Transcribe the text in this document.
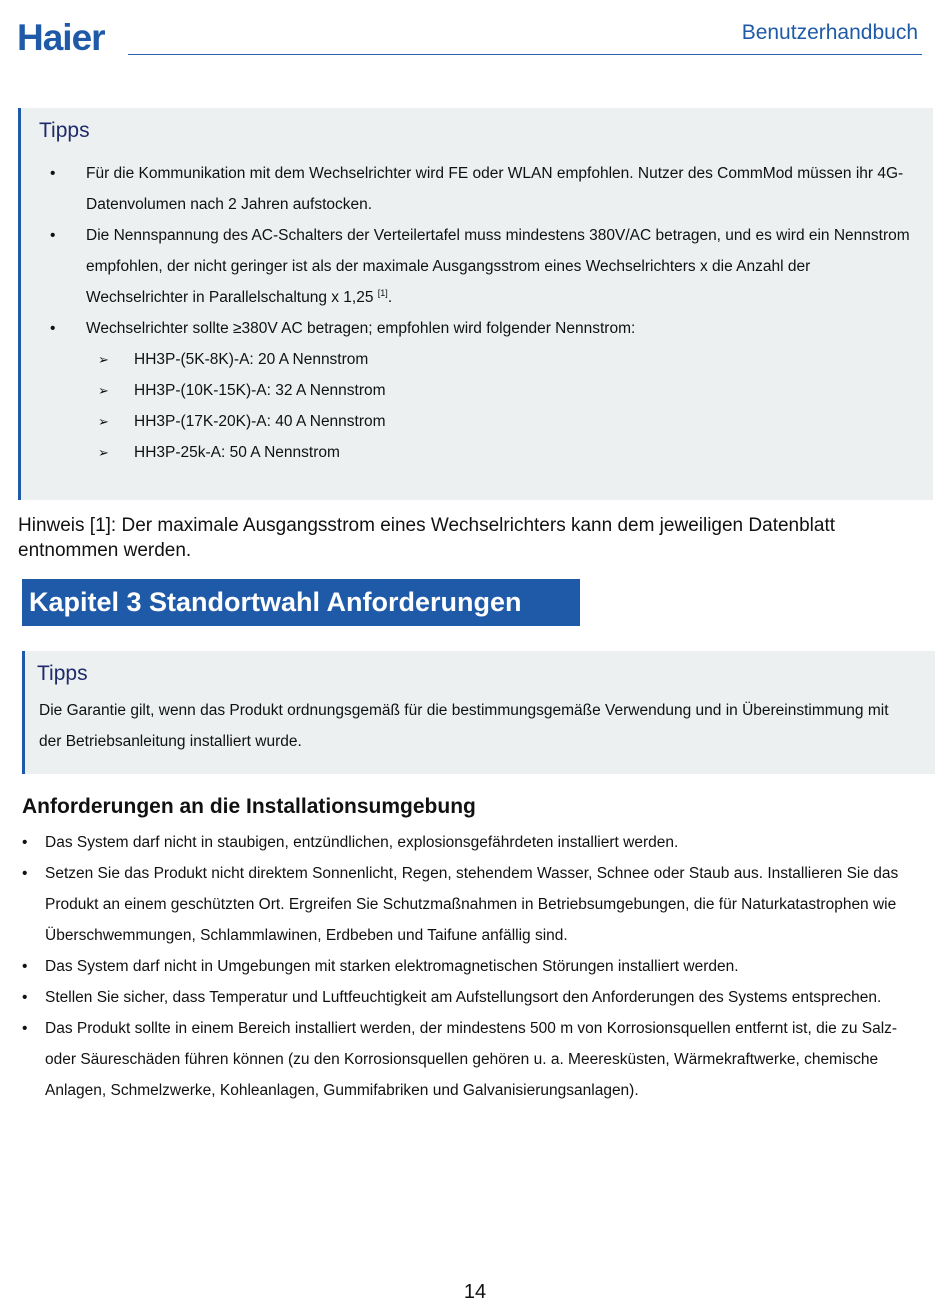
Haier	Benutzerhandbuch
Tipps
• Für die Kommunikation mit dem Wechselrichter wird FE oder WLAN empfohlen. Nutzer des CommMod müssen ihr 4G-Datenvolumen nach 2 Jahren aufstocken.
• Die Nennspannung des AC-Schalters der Verteilertafel muss mindestens 380V/AC betragen, und es wird ein Nennstrom empfohlen, der nicht geringer ist als der maximale Ausgangsstrom eines Wechselrichters x die Anzahl der Wechselrichter in Parallelschaltung x 1,25 [1].
• Wechselrichter sollte ≥380V AC betragen; empfohlen wird folgender Nennstrom:
➢ HH3P-(5K-8K)-A: 20 A Nennstrom
➢ HH3P-(10K-15K)-A: 32 A Nennstrom
➢ HH3P-(17K-20K)-A: 40 A Nennstrom
➢ HH3P-25k-A: 50 A Nennstrom
Hinweis [1]: Der maximale Ausgangsstrom eines Wechselrichters kann dem jeweiligen Datenblatt entnommen werden.
Kapitel 3 Standortwahl Anforderungen
Tipps
Die Garantie gilt, wenn das Produkt ordnungsgemäß für die bestimmungsgemäße Verwendung und in Übereinstimmung mit der Betriebsanleitung installiert wurde.
Anforderungen an die Installationsumgebung
• Das System darf nicht in staubigen, entzündlichen, explosionsgefährdeten installiert werden.
• Setzen Sie das Produkt nicht direktem Sonnenlicht, Regen, stehendem Wasser, Schnee oder Staub aus. Installieren Sie das Produkt an einem geschützten Ort. Ergreifen Sie Schutzmaßnahmen in Betriebsumgebungen, die für Naturkatastrophen wie Überschwemmungen, Schlammlawinen, Erdbeben und Taifune anfällig sind.
• Das System darf nicht in Umgebungen mit starken elektromagnetischen Störungen installiert werden.
• Stellen Sie sicher, dass Temperatur und Luftfeuchtigkeit am Aufstellungsort den Anforderungen des Systems entsprechen.
• Das Produkt sollte in einem Bereich installiert werden, der mindestens 500 m von Korrosionsquellen entfernt ist, die zu Salz- oder Säureschäden führen können (zu den Korrosionsquellen gehören u. a. Meeresküsten, Wärmekraftwerke, chemische Anlagen, Schmelzwerke, Kohleanlagen, Gummifabriken und Galvanisierungsanlagen).
14
